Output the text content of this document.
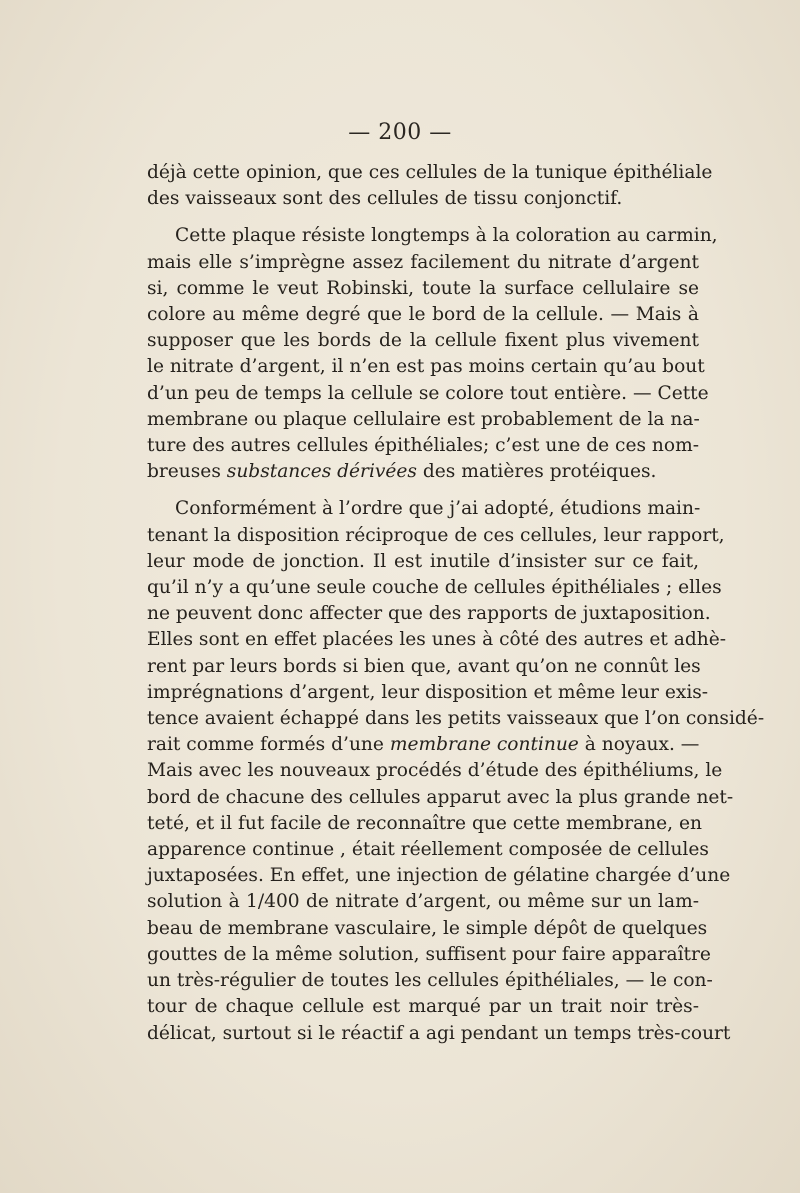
— 200 —

déjà cette opinion, que ces cellules de la tunique épithéliale
des vaisseaux sont des cellules de tissu conjonctif.

Cette plaque résiste longtemps à la coloration au carmin,
mais elle s’imprègne assez facilement du nitrate d’argent
si, comme le veut Robinski, toute la surface cellulaire se
colore au même degré que le bord de la cellule. — Mais à
supposer que les bords de la cellule fixent plus vivement
le nitrate d’argent, il n’en est pas moins certain qu’au bout
d’un peu de temps la cellule se colore tout entière. — Cette
membrane ou plaque cellulaire est probablement de la na-
ture des autres cellules épithéliales; c’est une de ces nom-
breuses substances dérivées des matières protéiques.

Conformément à l’ordre que j’ai adopté, étudions main-
tenant la disposition réciproque de ces cellules, leur rapport,
leur mode de jonction. Il est inutile d’insister sur ce fait,
qu’il n’y a qu’une seule couche de cellules épithéliales ; elles
ne peuvent donc affecter que des rapports de juxtaposition.
Elles sont en effet placées les unes à côté des autres et adhè-
rent par leurs bords si bien que, avant qu’on ne connût les
imprégnations d’argent, leur disposition et même leur exis-
tence avaient échappé dans les petits vaisseaux que l’on considé-
rait comme formés d’une membrane continue à noyaux. —
Mais avec les nouveaux procédés d’étude des épithéliums, le
bord de chacune des cellules apparut avec la plus grande net-
teté, et il fut facile de reconnaître que cette membrane, en
apparence continue , était réellement composée de cellules
juxtaposées. En effet, une injection de gélatine chargée d’une
solution à 1/400 de nitrate d’argent, ou même sur un lam-
beau de membrane vasculaire, le simple dépôt de quelques
gouttes de la même solution, suffisent pour faire apparaître
un très-régulier de toutes les cellules épithéliales, — le con-
tour de chaque cellule est marqué par un trait noir très-
délicat, surtout si le réactif a agi pendant un temps très-court
